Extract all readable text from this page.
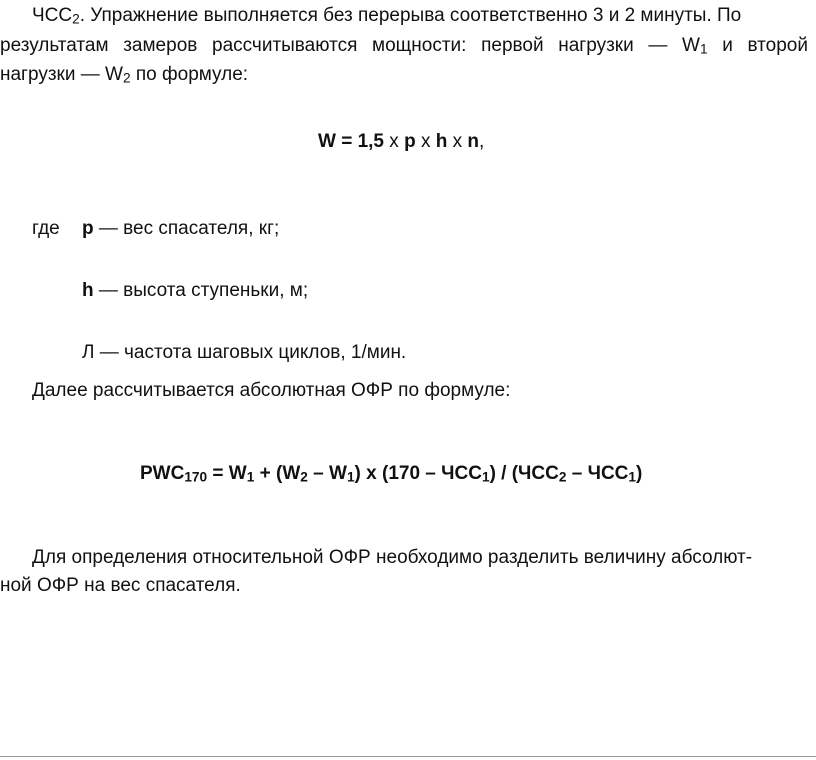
$ЧСС_2$. Упражнение выполняется без перерыва соответственно 3 и 2 минуты. По
результатам замеров рассчитываются мощности: первой нагрузки — $W_1$ и второй
нагрузки — $W_2$ по формуле:
W = 1,5 x p x h x n,
где p — вес спасателя, кг;
h — высота ступеньки, м;
Л — частота шаговых циклов, 1/мин.
Далее рассчитывается абсолютная ОФР по формуле:
$PWC_{170} = W_1 + (W_2 - W_1)$ x $(170 - ЧСС_1) / (ЧСС_2 - ЧСС_1)$
Для определения относительной ОФР необходимо разделить величину абсолют-
ной ОФР на вес спасателя.
